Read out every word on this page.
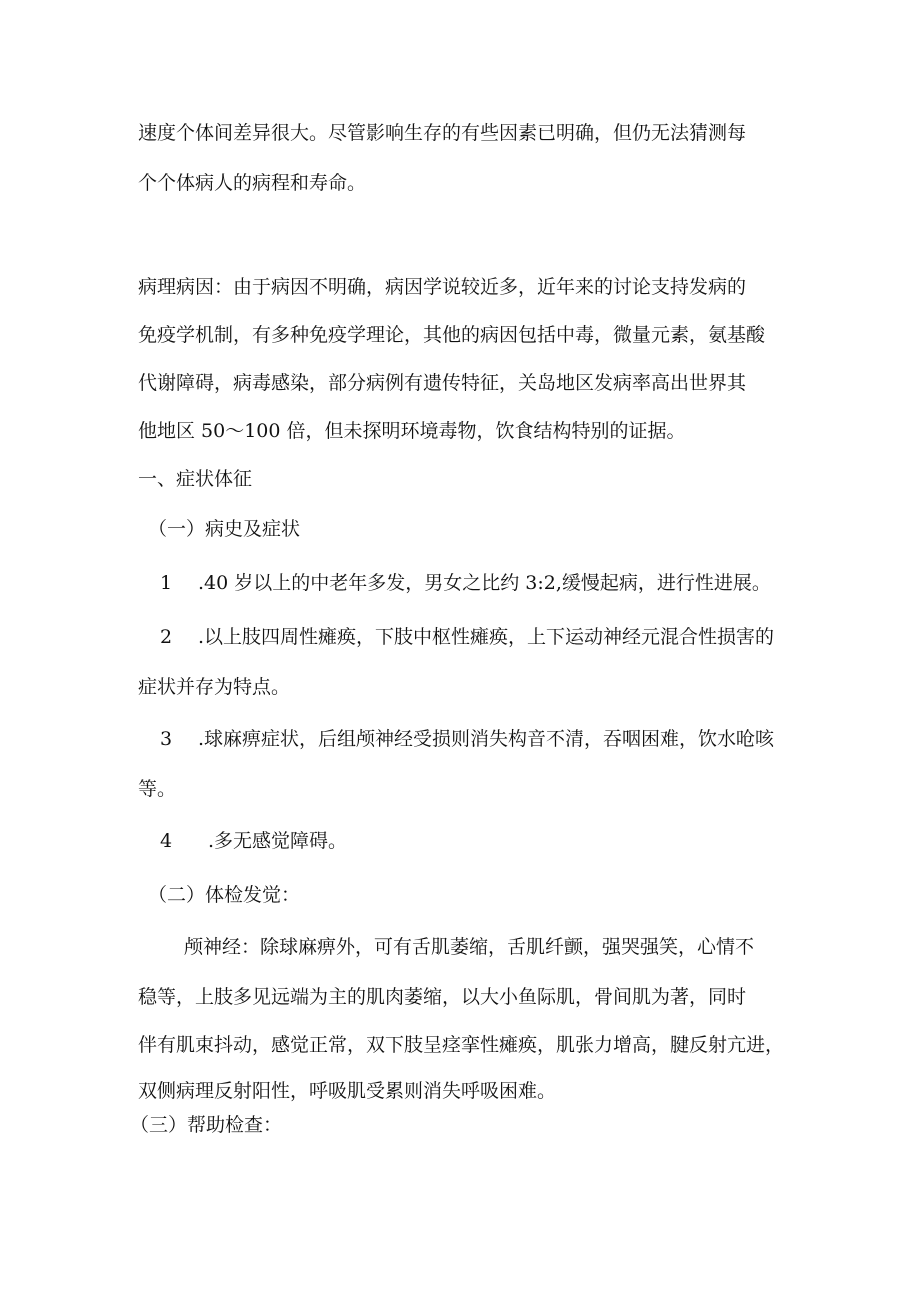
速度个体间差异很大。尽管影响生存的有些因素已明确，但仍无法猜测每
个个体病人的病程和寿命。
病理病因：由于病因不明确，病因学说较近多，近年来的讨论支持发病的
免疫学机制，有多种免疫学理论，其他的病因包括中毒，微量元素，氨基酸
代谢障碍，病毒感染，部分病例有遗传特征，关岛地区发病率高出世界其
他地区 50～100 倍，但未探明环境毒物，饮食结构特别的证据。
一、症状体征
（一）病史及症状
1 .40 岁以上的中老年多发，男女之比约 3:2,缓慢起病，进行性进展。
2 .以上肢四周性瘫痪，下肢中枢性瘫痪，上下运动神经元混合性损害的
症状并存为特点。
3 .球麻痹症状，后组颅神经受损则消失构音不清，吞咽困难，饮水呛咳
等。
4 .多无感觉障碍。
（二）体检发觉：
颅神经：除球麻痹外，可有舌肌萎缩，舌肌纤颤，强哭强笑，心情不
稳等，上肢多见远端为主的肌肉萎缩，以大小鱼际肌，骨间肌为著，同时
伴有肌束抖动，感觉正常，双下肢呈痉挛性瘫痪，肌张力增高，腱反射亢进，
双侧病理反射阳性，呼吸肌受累则消失呼吸困难。
（三）帮助检查：
